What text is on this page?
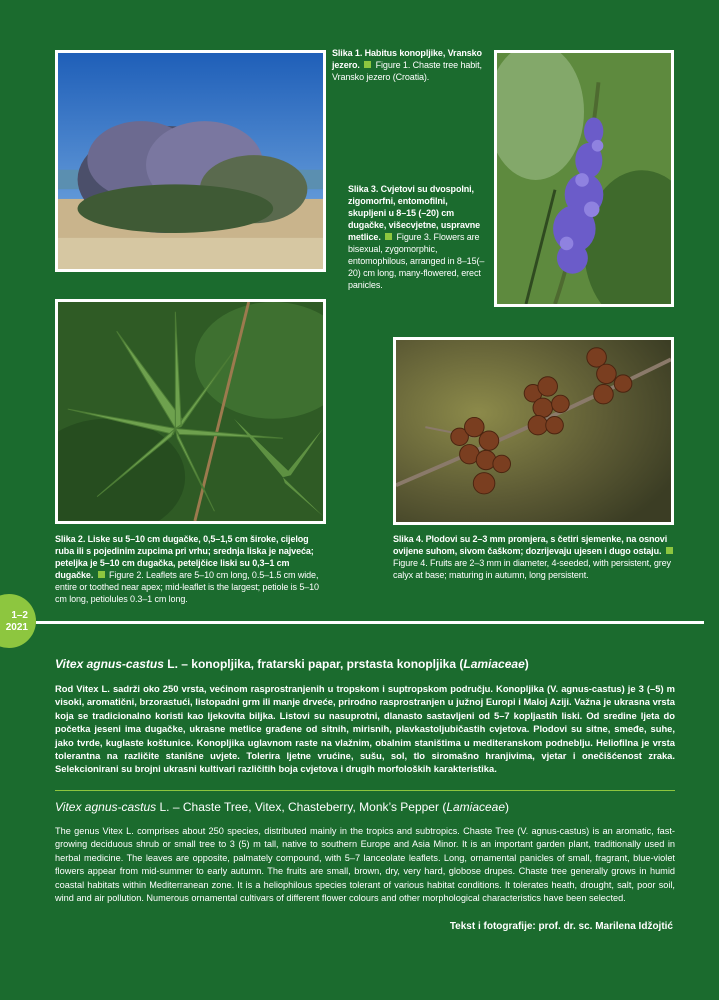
Slika 1. Habitus konopljike, Vransko jezero. Figure 1. Chaste tree habit, Vransko jezero (Croatia).
Slika 3. Cvjetovi su dvospolni, zigomorfni, entomofilni, skupljeni u 8–15 (–20) cm dugačke, višecvjetne, uspravne metlice. Figure 3. Flowers are bisexual, zygomorphic, entomophilous, arranged in 8–15(–20) cm long, many-flowered, erect panicles.
Slika 2. Liske su 5–10 cm dugačke, 0,5–1,5 cm široke, cijelog ruba ili s pojedinim zupcima pri vrhu; srednja liska je najveća; peteljka je 5–10 cm dugačka, peteljčice liski su 0,3–1 cm dugačke. Figure 2. Leaflets are 5–10 cm long, 0.5–1.5 cm wide, entire or toothed near apex; mid-leaflet is the largest; petiole is 5–10 cm long, petiolules 0.3–1 cm long.
Slika 4. Plodovi su 2–3 mm promjera, s četiri sjemenke, na osnovi ovijene suhom, sivom čaškom; dozrijevaju ujesen i dugo ostaju.  Figure 4. Fruits are 2–3 mm in diameter, 4-seeded, with persistent, grey calyx at base; maturing in autumn, long persistent.
1–2
2021
Vitex agnus-castus L. – konopljika, fratarski papar, prstasta konopljika (Lamiaceae)
Rod Vitex L. sadrži oko 250 vrsta, većinom rasprostranjenih u tropskom i suptropskom području. Konopljika (V. agnus-castus) je 3 (–5) m visoki, aromatični, brzorastući, listopadni grm ili manje drveće, prirodno rasprostranjen u južnoj Europi i Maloj Aziji. Važna je ukrasna vrsta koja se tradicionalno koristi kao ljekovita biljka. Listovi su nasuprotni, dlanasto sastavljeni od 5–7 kopljastih liski. Od sredine ljeta do početka jeseni ima dugačke, ukrasne metlice građene od sitnih, mirisnih, plavkastoljubičastih cvjetova. Plodovi su sitne, smeđe, suhe, jako tvrde, kuglaste koštunice. Konopljika uglavnom raste na vlažnim, obalnim staništima u mediteranskom podneblju. Heliofilna je vrsta tolerantna na različite stanišne uvjete. Tolerira ljetne vrućine, sušu, sol, tlo siromašno hranjivima, vjetar i onečišćenost zraka. Selekcionirani su brojni ukrasni kultivari različitih boja cvjetova i drugih morfoloških karakteristika.
Vitex agnus-castus L. – Chaste Tree, Vitex, Chasteberry, Monk’s Pepper (Lamiaceae)
The genus Vitex L. comprises about 250 species, distributed mainly in the tropics and subtropics. Chaste Tree (V. agnus-castus) is an aromatic, fast-growing deciduous shrub or small tree to 3 (5) m tall, native to southern Europe and Asia Minor. It is an important garden plant, traditionally used in herbal medicine. The leaves are opposite, palmately compound, with 5–7 lanceolate leaflets. Long, ornamental panicles of small, fragrant, blue-violet flowers appear from mid-summer to early autumn. The fruits are small, brown, dry, very hard, globose drupes. Chaste tree generally grows in humid coastal habitats within Mediterranean zone. It is a heliophilous species tolerant of various habitat conditions. It tolerates heath, drought, salt, poor soil, wind and air pollution. Numerous ornamental cultivars of different flower colours and other morphological characteristics have been selected.
Tekst i fotografije: prof. dr. sc. Marilena Idžojtić
